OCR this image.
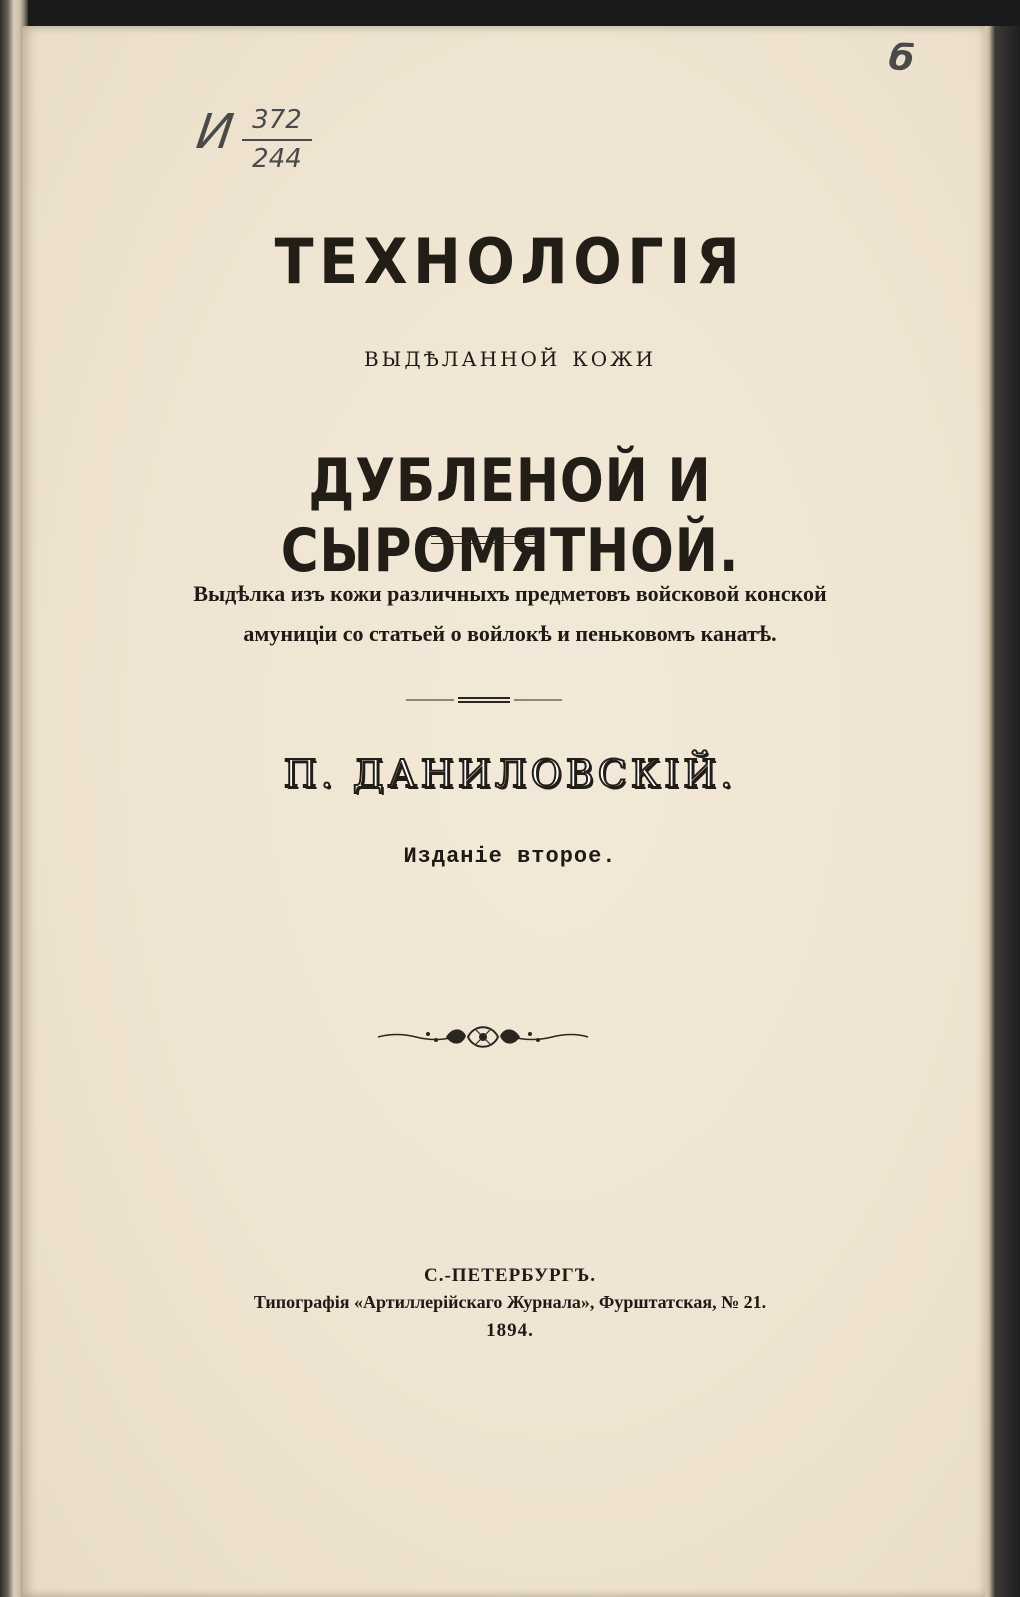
И $\frac{372}{244}$
б
ТЕХНОЛОГІЯ
выдѣланной кожи
ДУБЛЕНОЙ И СЫРОМЯТНОЙ.
Выдѣлка изъ кожи различныхъ предметовъ войсковой конской
амуниціи со статьей о войлокѣ и пеньковомъ канатѣ.
П. ДАНИЛОВСКІЙ.
Изданіе второе.
С.-ПЕТЕРБУРГЪ.
Типографія «Артиллерійскаго Журнала», Фурштатская, № 21.
1894.
